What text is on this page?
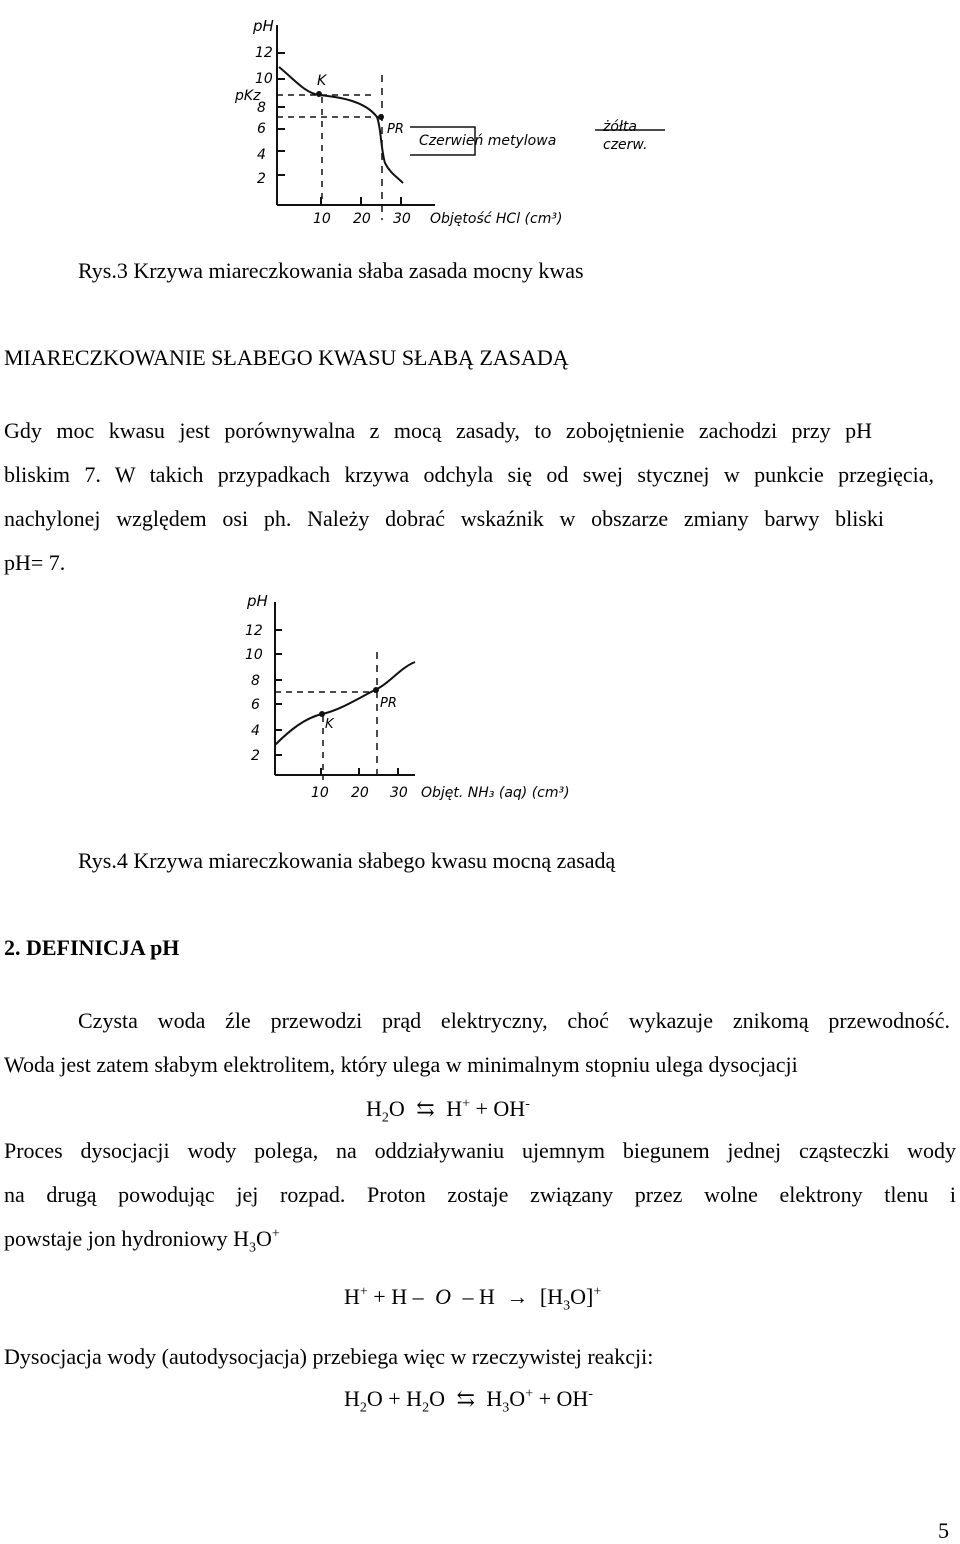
pH
12
10
pKz
8
6
4
2
10 20 30 Objętość HCl (cm³)
K
PR
Czerwień metylowa
żółta
czerw.
Rys.3 Krzywa miareczkowania słaba zasada mocny kwas
MIARECZKOWANIE SŁABEGO KWASU SŁABĄ ZASADĄ
Gdy moc kwasu jest porównywalna z mocą zasady, to zobojętnienie zachodzi przy pH
bliskim 7. W takich przypadkach krzywa odchyla się od swej stycznej w punkcie przegięcia,
nachylonej względem osi ph. Należy dobrać wskaźnik w obszarze zmiany barwy bliski
pH= 7.
pH
12
10
8
6
4
2
10 20 30 Objęt. NH₃ (aq) (cm³)
K
PR
Rys.4 Krzywa miareczkowania słabego kwasu mocną zasadą
2. DEFINICJA pH
Czysta woda źle przewodzi prąd elektryczny, choć wykazuje znikomą przewodność.
Woda jest zatem słabym elektrolitem, który ulega w minimalnym stopniu ulega dysocjacji
$H_2O$ ⇆ H+ + OH-
Proces dysocjacji wody polega, na oddziaływaniu ujemnym biegunem jednej cząsteczki wody
na drugą powodując jej rozpad. Proton zostaje związany przez wolne elektrony tlenu i
powstaje jon hydroniowy $H_3O^+$
$H^+ + H - O - H \to [H_3O]^+$
Dysocjacja wody (autodysocjacja) przebiega więc w rzeczywistej reakcji:
$H_2O + H_2O$ ⇆ $H_3O^+ + OH^-$
5
